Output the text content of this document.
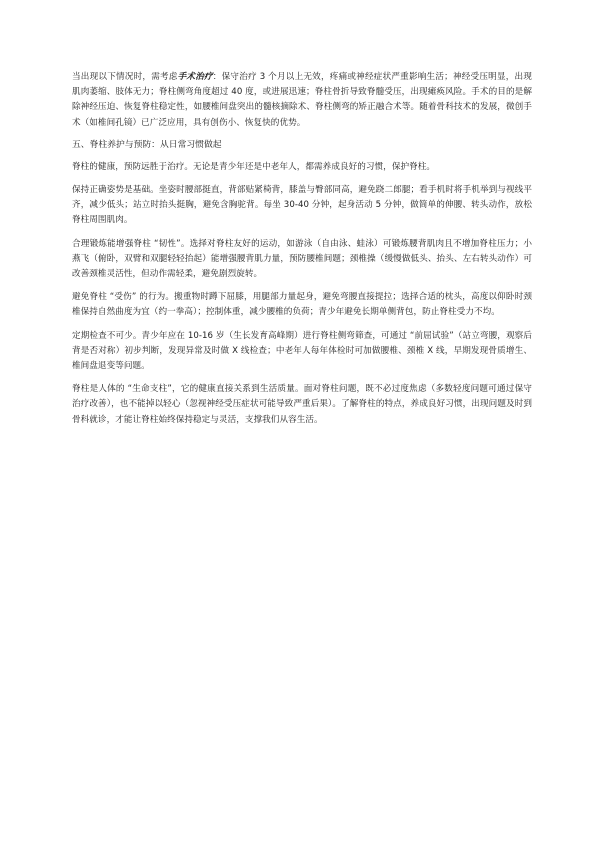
当出现以下情况时，需考虑手术治疗：保守治疗 3 个月以上无效，疼痛或神经症状严重影响生活；神经受压明显，出现肌肉萎缩、肢体无力；脊柱侧弯角度超过 40 度，或进展迅速；脊柱骨折导致脊髓受压，出现瘫痪风险。手术的目的是解除神经压迫、恢复脊柱稳定性，如腰椎间盘突出的髓核摘除术、脊柱侧弯的矫正融合术等。随着骨科技术的发展，微创手术（如椎间孔镜）已广泛应用，具有创伤小、恢复快的优势。

五、脊柱养护与预防：从日常习惯做起

脊柱的健康，预防远胜于治疗。无论是青少年还是中老年人，都需养成良好的习惯，保护脊柱。

保持正确姿势是基础。坐姿时腰部挺直，背部贴紧椅背，膝盖与臀部同高，避免跷二郎腿；看手机时将手机举到与视线平齐，减少低头；站立时抬头挺胸，避免含胸驼背。每坐 30-40 分钟，起身活动 5 分钟，做简单的伸腰、转头动作，放松脊柱周围肌肉。

合理锻炼能增强脊柱 “韧性”。选择对脊柱友好的运动，如游泳（自由泳、蛙泳）可锻炼腰背肌肉且不增加脊柱压力；小燕飞（俯卧，双臂和双腿轻轻抬起）能增强腰背肌力量，预防腰椎间题；颈椎操（缓慢做低头、抬头、左右转头动作）可改善颈椎灵活性，但动作需轻柔，避免剧烈旋转。

避免脊柱 “受伤” 的行为。搬重物时蹲下屈膝，用腿部力量起身，避免弯腰直接提拉；选择合适的枕头，高度以仰卧时颈椎保持自然曲度为宜（约一拳高）；控制体重，减少腰椎的负荷；青少年避免长期单侧背包，防止脊柱受力不均。

定期检查不可少。青少年应在 10-16 岁（生长发育高峰期）进行脊柱侧弯筛查，可通过 “前屈试验”（站立弯腰，观察后背是否对称）初步判断，发现异常及时做 X 线检查；中老年人每年体检时可加做腰椎、颈椎 X 线，早期发现骨质增生、椎间盘退变等问题。

脊柱是人体的 “生命支柱”，它的健康直接关系到生活质量。面对脊柱问题，既不必过度焦虑（多数轻度问题可通过保守治疗改善），也不能掉以轻心（忽视神经受压症状可能导致严重后果）。了解脊柱的特点，养成良好习惯，出现问题及时到骨科就诊，才能让脊柱始终保持稳定与灵活，支撑我们从容生活。
